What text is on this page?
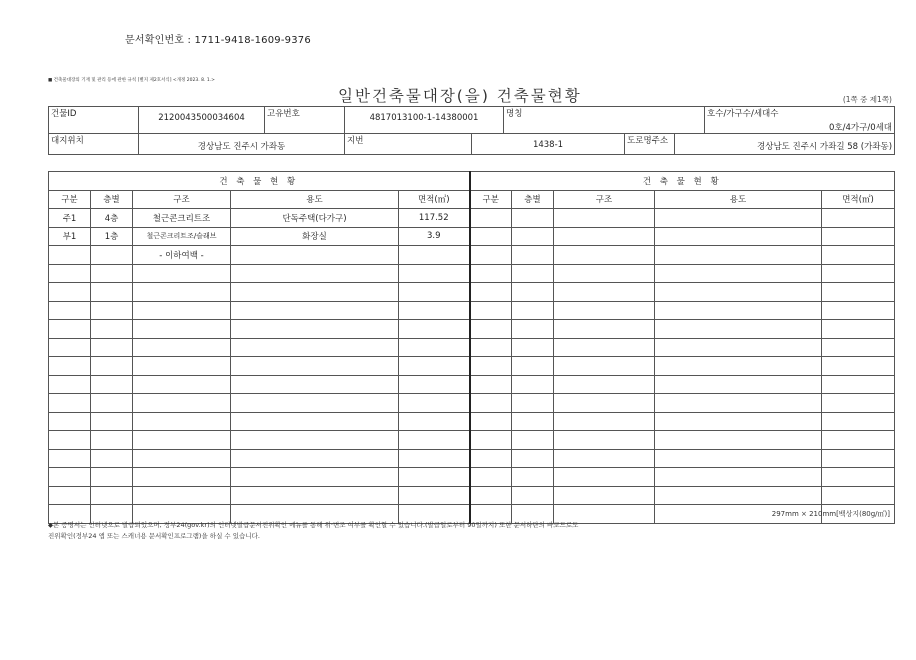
문서확인번호 : 1711-9418-1609-9376
■ 건축물대장의 기재 및 관리 등에 관한 규칙 [별지 제2호서식] <개정 2023. 8. 1.>
일반건축물대장(을) 건축물현황	(1쪽 중 제1쪽)
건물ID	2120043500034604	고유번호	4817013100-1-14380001		명칭			호수/가구수/세대수
0호/4가구/0세대

대지위치	경상남도 진주시 가좌동		지번	1438-1		도로명주소	경상남도 진주시 가좌길 58 (가좌동)	
건 축 물 현 황					건 축 물 현 황				
구분	층별	구조	용도	면적(㎡)	구분	층별	구조	용도	면적(㎡)
주1	4층	철근콘크리트조	단독주택(다가구)	117.52					
부1	1층	철근콘크리트조/슬래브	화장실	3.9					
		- 이하여백 -							

297mm × 210mm[백상지(80g/㎡)]
◆본 증명서는 인터넷으로 발급되었으며, 정부24(gov.kr)의 인터넷발급문서진위확인 메뉴를 통해 위·변조 여부를 확인할 수 있습니다.(발급일로부터 90일까지) 또한 문서하단의 바코드로도
진위확인(정부24 앱 또는 스캐너용 문서확인프로그램)을 하실 수 있습니다.
